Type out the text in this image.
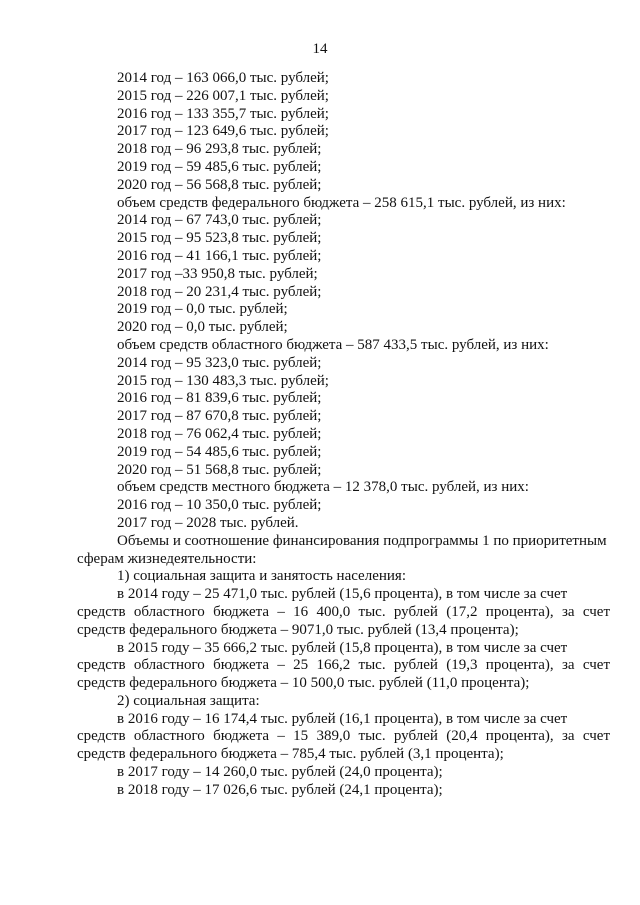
14
2014 год – 163 066,0 тыс. рублей;
2015 год – 226 007,1 тыс. рублей;
2016 год – 133 355,7 тыс. рублей;
2017 год – 123 649,6 тыс. рублей;
2018 год – 96 293,8 тыс. рублей;
2019 год – 59 485,6 тыс. рублей;
2020 год – 56 568,8 тыс. рублей;
объем средств федерального бюджета – 258 615,1 тыс. рублей, из них:
2014 год – 67 743,0 тыс. рублей;
2015 год – 95 523,8 тыс. рублей;
2016 год – 41 166,1 тыс. рублей;
2017 год –33 950,8 тыс. рублей;
2018 год – 20 231,4 тыс. рублей;
2019 год – 0,0 тыс. рублей;
2020 год – 0,0 тыс. рублей;
объем средств областного бюджета – 587 433,5 тыс. рублей, из них:
2014 год – 95 323,0 тыс. рублей;
2015 год – 130 483,3 тыс. рублей;
2016 год – 81 839,6 тыс. рублей;
2017 год – 87 670,8 тыс. рублей;
2018 год – 76 062,4 тыс. рублей;
2019 год – 54 485,6 тыс. рублей;
2020 год – 51 568,8 тыс. рублей;
объем средств местного бюджета – 12 378,0 тыс. рублей, из них:
2016 год – 10 350,0 тыс. рублей;
2017 год – 2028 тыс. рублей.
Объемы и соотношение финансирования подпрограммы 1 по приоритетным
сферам жизнедеятельности:
1) социальная защита и занятость населения:
в 2014 году – 25 471,0 тыс. рублей (15,6 процента), в том числе за счет
средств областного бюджета – 16 400,0 тыс. рублей (17,2 процента), за счет
средств федерального бюджета – 9071,0 тыс. рублей (13,4 процента);
в 2015 году – 35 666,2 тыс. рублей (15,8 процента), в том числе за счет
средств областного бюджета – 25 166,2 тыс. рублей (19,3 процента), за счет
средств федерального бюджета – 10 500,0 тыс. рублей (11,0 процента);
2) социальная защита:
в 2016 году – 16 174,4 тыс. рублей (16,1 процента), в том числе за счет
средств областного бюджета – 15 389,0 тыс. рублей (20,4 процента), за счет
средств федерального бюджета – 785,4 тыс. рублей (3,1 процента);
в 2017 году – 14 260,0 тыс. рублей (24,0 процента);
в 2018 году – 17 026,6 тыс. рублей (24,1 процента);
